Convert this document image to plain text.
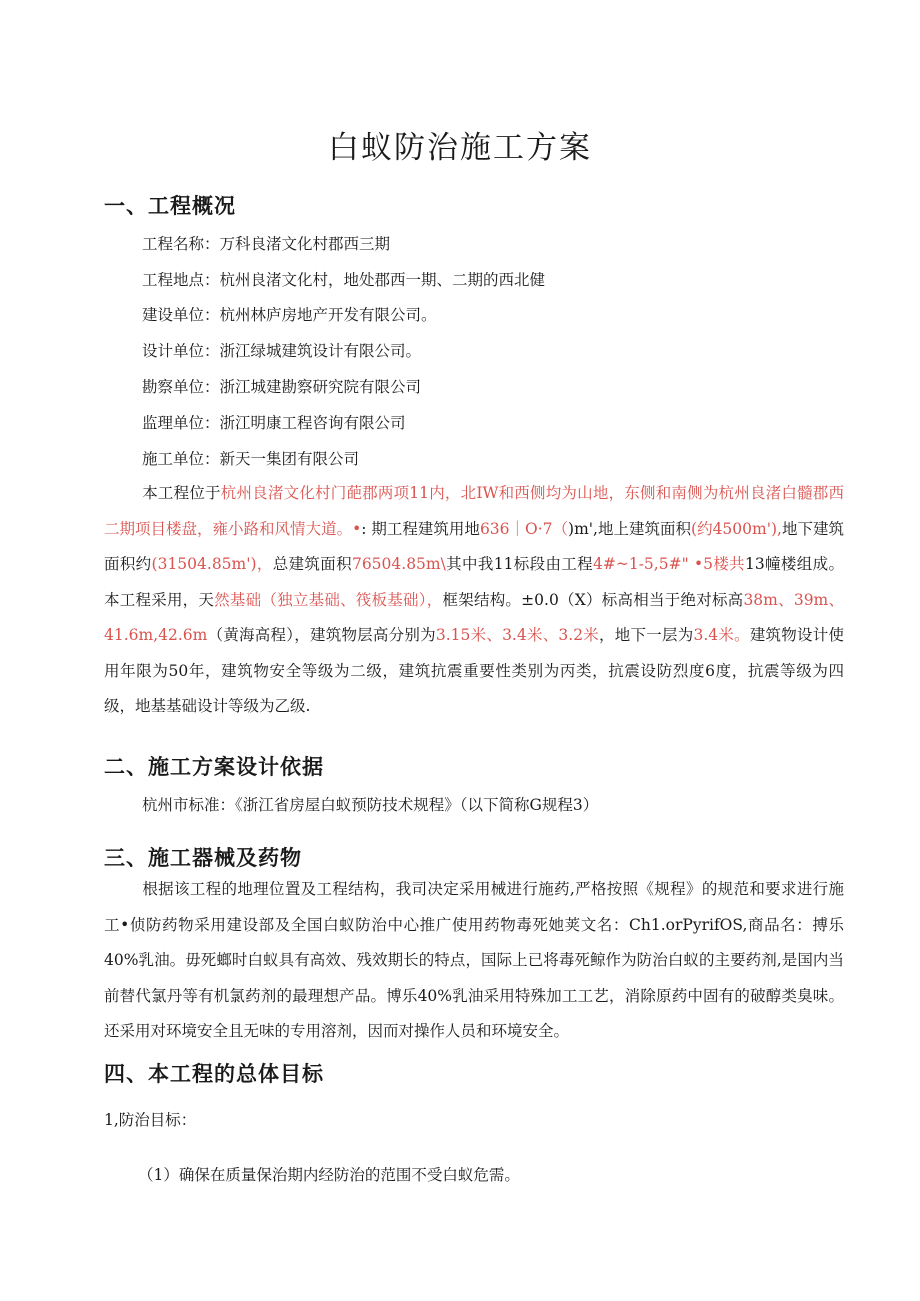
白蚁防治施工方案
一、工程概况
工程名称：万科良渚文化村郡西三期
工程地点：杭州良渚文化村，地处郡西一期、二期的西北健
建设单位：杭州林庐房地产开发有限公司。
设计单位：浙江绿城建筑设计有限公司。
勘察单位：浙江城建勘察研究院有限公司
监理单位：浙江明康工程咨询有限公司
施工单位：新天一集团有限公司
本工程位于杭州良渚文化村门葩郡两项11内，北IW和西侧均为山地，东侧和南侧为杭州良渚白髓郡西二期项目楼盘，雍小路和风情大道。•: 期工程建筑用地636｜O·7（)m',地上建筑面积(约4500m'),地下建筑面积约(31504.85m')，总建筑面积76504.85m\其中我11标段由工程4#~1-5,5#" •5楼共13幢楼组成。本工程采用，天然基础（独立基础、筏板基础），框架结构。±0.0（X）标高相当于绝对标高38m、39m、41.6m,42.6m（黄海高程），建筑物层高分别为3.15米、3.4米、3.2米，地下一层为3.4米。建筑物设计使用年限为50年，建筑物安全等级为二级，建筑抗震重要性类别为丙类，抗震设防烈度6度，抗震等级为四级，地基基础设计等级为乙级.
二、施工方案设计依据
杭州市标准：《浙江省房屋白蚁预防技术规程》（以下简称G规程3）
三、施工器械及药物
根据该工程的地理位置及工程结构，我司决定采用械进行施药,严格按照《规程》的规范和要求进行施工•侦防药物采用建设部及全国白蚁防治中心推广使用药物毒死她荚文名：Ch1.orPyrifOS,商品名：搏乐40%乳油。毋死螂时白蚁具有高效、残效期长的特点，国际上已将毒死鲸作为防治白蚁的主要药剂,是国内当前替代氯丹等有机氯药剂的最理想产品。博乐40%乳油采用特殊加工工艺，消除原药中固有的破醇类臭味。还采用对环境安全且无味的专用溶剂，因而对操作人员和环境安全。
四、本工程的总体目标
1,防治目标：
（1）确保在质量保治期内经防治的范围不受白蚁危需。
